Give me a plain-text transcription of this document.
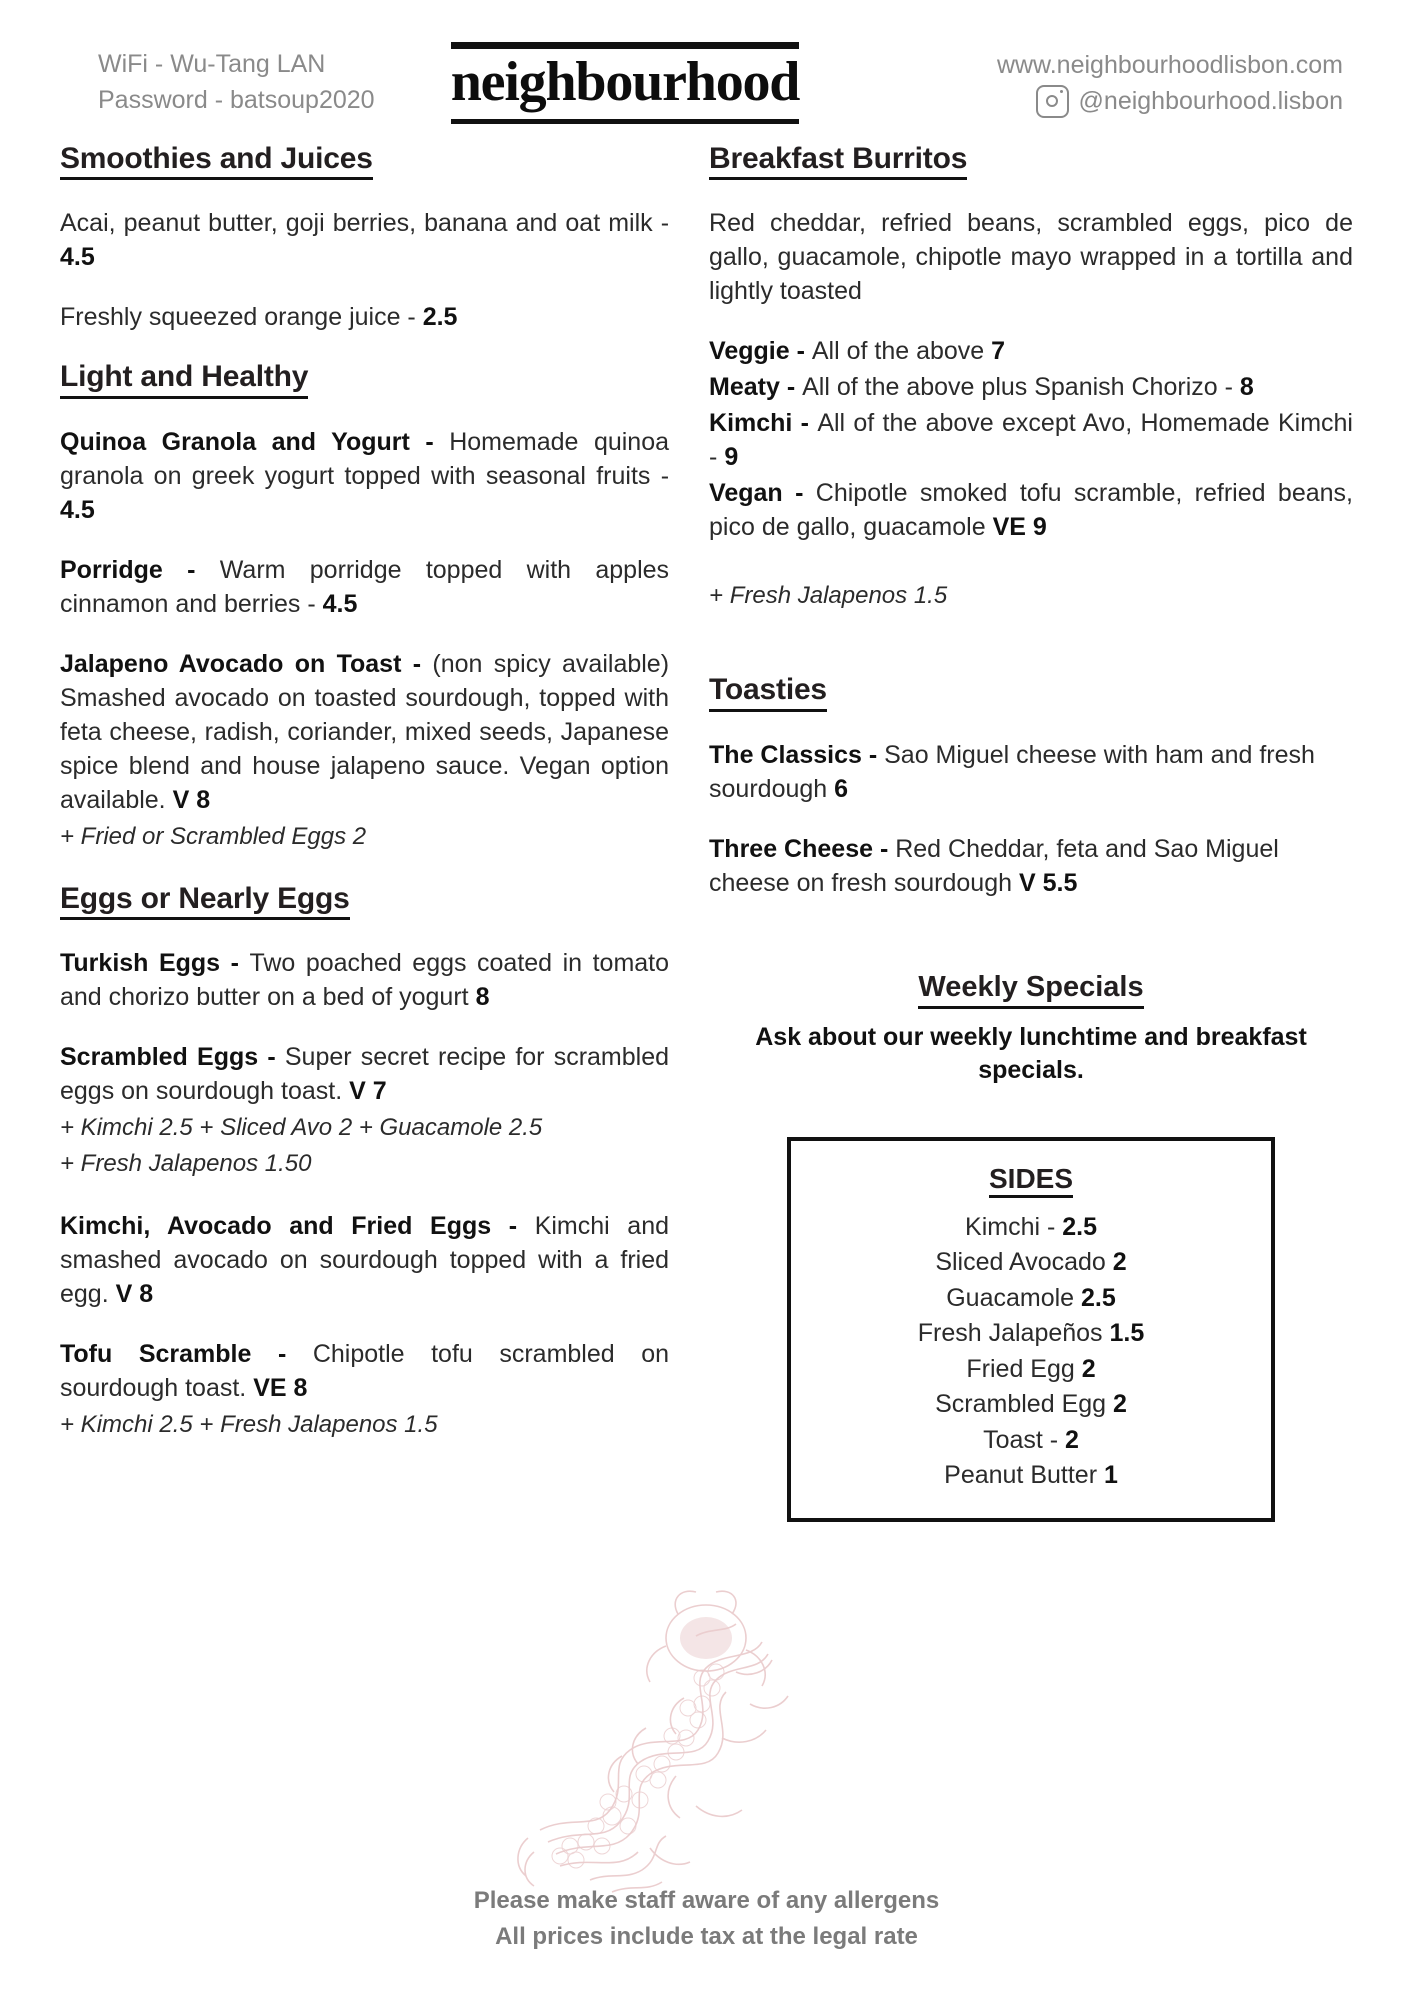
WiFi - Wu-Tang LAN
Password - batsoup2020	neighbourhood	www.neighbourhoodlisbon.com
@neighbourhood.lisbon
Smoothies and Juices

Acai, peanut butter, goji berries, banana and oat milk - 4.5

Freshly squeezed orange juice - 2.5

Light and Healthy

Quinoa Granola and Yogurt - Homemade quinoa granola on greek yogurt topped with seasonal fruits - 4.5

Porridge - Warm porridge topped with apples cinnamon and berries - 4.5

Jalapeno Avocado on Toast - (non spicy available) Smashed avocado on toasted sourdough, topped with feta cheese, radish, coriander, mixed seeds, Japanese spice blend and house jalapeno sauce. Vegan option available. V 8

+ Fried or Scrambled Eggs 2

Eggs or Nearly Eggs

Turkish Eggs - Two poached eggs coated in tomato and chorizo butter on a bed of yogurt 8

Scrambled Eggs - Super secret recipe for scrambled eggs on sourdough toast. V 7

+ Kimchi 2.5 + Sliced Avo 2 + Guacamole 2.5

+ Fresh Jalapenos 1.50

Kimchi, Avocado and Fried Eggs - Kimchi and smashed avocado on sourdough topped with a fried egg. V 8

Tofu Scramble - Chipotle tofu scrambled on sourdough toast. VE 8

+ Kimchi 2.5 + Fresh Jalapenos 1.5

Breakfast Burritos

Red cheddar, refried beans, scrambled eggs, pico de gallo, guacamole, chipotle mayo wrapped in a tortilla and lightly toasted

Veggie - All of the above 7

Meaty - All of the above plus Spanish Chorizo - 8

Kimchi - All of the above except Avo, Homemade Kimchi - 9

Vegan - Chipotle smoked tofu scramble, refried beans, pico de gallo, guacamole VE 9

+ Fresh Jalapenos 1.5

Toasties

The Classics - Sao Miguel cheese with ham and fresh sourdough 6

Three Cheese - Red Cheddar, feta and Sao Miguel cheese on fresh sourdough V 5.5

Weekly Specials
Ask about our weekly lunchtime and breakfast specials.
SIDES
Kimchi - 2.5
Sliced Avocado 2
Guacamole 2.5
Fresh Jalapeños 1.5
Fried Egg 2
Scrambled Egg 2
Toast - 2
Peanut Butter 1
Please make staff aware of any allergens
All prices include tax at the legal rate
